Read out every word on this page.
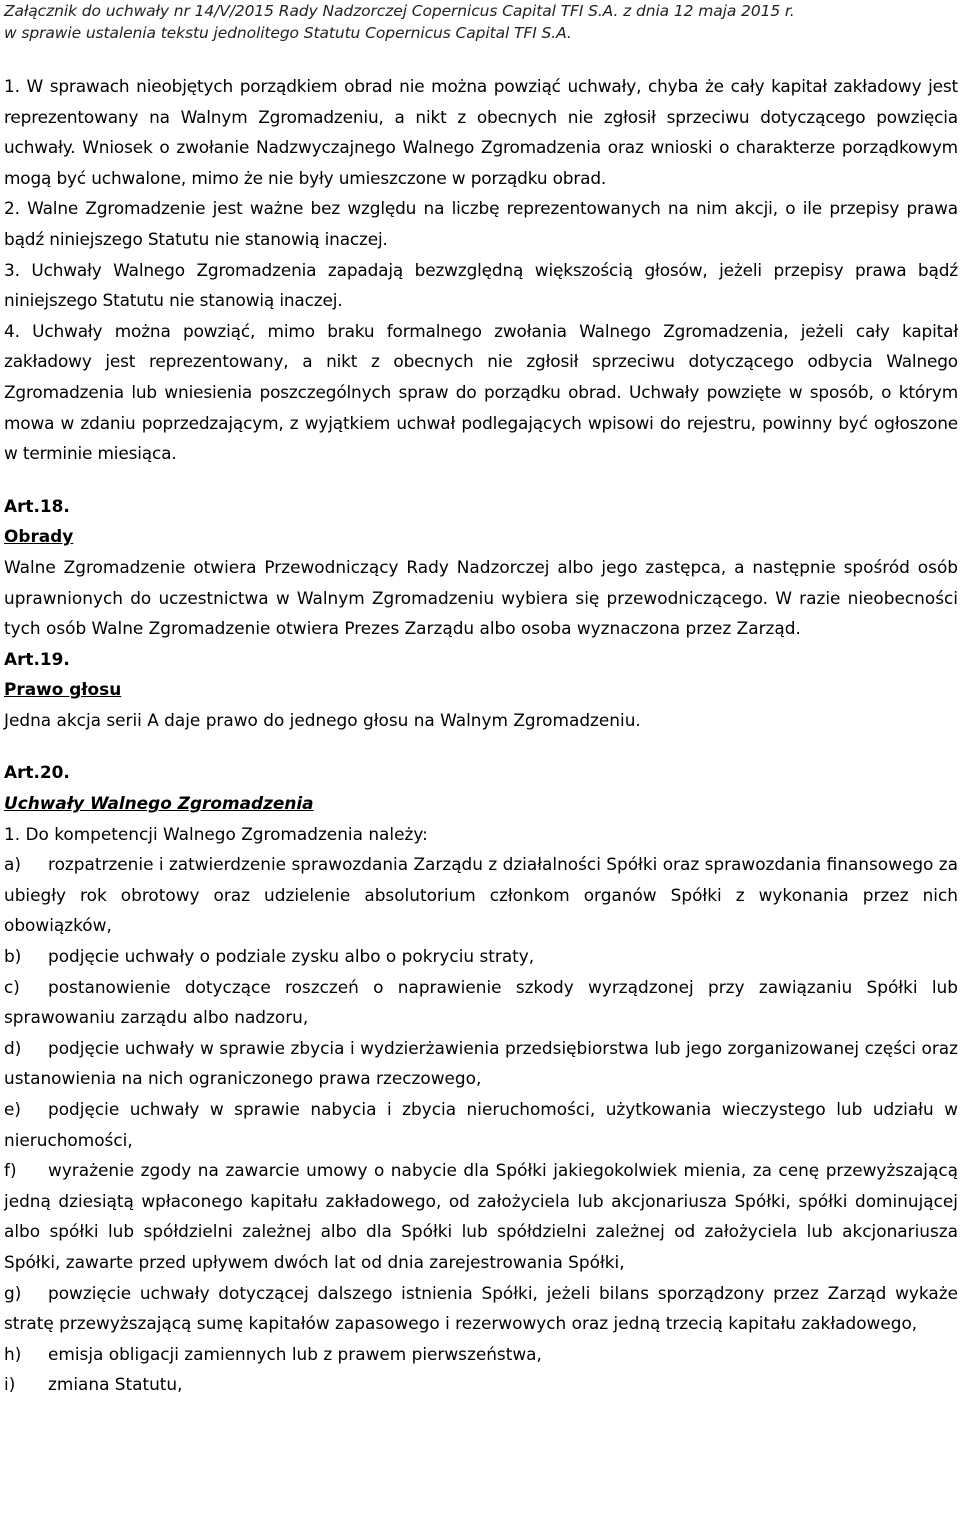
Załącznik do uchwały nr 14/V/2015 Rady Nadzorczej Copernicus Capital TFI S.A. z dnia 12 maja 2015 r.
w sprawie ustalenia tekstu jednolitego Statutu Copernicus Capital TFI S.A.

1. W sprawach nieobjętych porządkiem obrad nie można powziąć uchwały, chyba że cały kapitał zakładowy jest reprezentowany na Walnym Zgromadzeniu, a nikt z obecnych nie zgłosił sprzeciwu dotyczącego powzięcia uchwały. Wniosek o zwołanie Nadzwyczajnego Walnego Zgromadzenia oraz wnioski o charakterze porządkowym mogą być uchwalone, mimo że nie były umieszczone w porządku obrad.

2. Walne Zgromadzenie jest ważne bez względu na liczbę reprezentowanych na nim akcji, o ile przepisy prawa bądź niniejszego Statutu nie stanowią inaczej.

3. Uchwały Walnego Zgromadzenia zapadają bezwzględną większością głosów, jeżeli przepisy prawa bądź niniejszego Statutu nie stanowią inaczej.

4. Uchwały można powziąć, mimo braku formalnego zwołania Walnego Zgromadzenia, jeżeli cały kapitał zakładowy jest reprezentowany, a nikt z obecnych nie zgłosił sprzeciwu dotyczącego odbycia Walnego Zgromadzenia lub wniesienia poszczególnych spraw do porządku obrad. Uchwały powzięte w sposób, o którym mowa w zdaniu poprzedzającym, z wyjątkiem uchwał podlegających wpisowi do rejestru, powinny być ogłoszone w terminie miesiąca.

Art.18.

Obrady

Walne Zgromadzenie otwiera Przewodniczący Rady Nadzorczej albo jego zastępca, a następnie spośród osób uprawnionych do uczestnictwa w Walnym Zgromadzeniu wybiera się przewodniczącego. W razie nieobecności tych osób Walne Zgromadzenie otwiera Prezes Zarządu albo osoba wyznaczona przez Zarząd.

Art.19.

Prawo głosu

Jedna akcja serii A daje prawo do jednego głosu na Walnym Zgromadzeniu.

Art.20.

Uchwały Walnego Zgromadzenia

1. Do kompetencji Walnego Zgromadzenia należy:

a) rozpatrzenie i zatwierdzenie sprawozdania Zarządu z działalności Spółki oraz sprawozdania finansowego za ubiegły rok obrotowy oraz udzielenie absolutorium członkom organów Spółki z wykonania przez nich obowiązków,

b) podjęcie uchwały o podziale zysku albo o pokryciu straty,

c) postanowienie dotyczące roszczeń o naprawienie szkody wyrządzonej przy zawiązaniu Spółki lub sprawowaniu zarządu albo nadzoru,

d) podjęcie uchwały w sprawie zbycia i wydzierżawienia przedsiębiorstwa lub jego zorganizowanej części oraz ustanowienia na nich ograniczonego prawa rzeczowego,

e) podjęcie uchwały w sprawie nabycia i zbycia nieruchomości, użytkowania wieczystego lub udziału w nieruchomości,

f) wyrażenie zgody na zawarcie umowy o nabycie dla Spółki jakiegokolwiek mienia, za cenę przewyższającą jedną dziesiątą wpłaconego kapitału zakładowego, od założyciela lub akcjonariusza Spółki, spółki dominującej albo spółki lub spółdzielni zależnej albo dla Spółki lub spółdzielni zależnej od założyciela lub akcjonariusza Spółki, zawarte przed upływem dwóch lat od dnia zarejestrowania Spółki,

g) powzięcie uchwały dotyczącej dalszego istnienia Spółki, jeżeli bilans sporządzony przez Zarząd wykaże stratę przewyższającą sumę kapitałów zapasowego i rezerwowych oraz jedną trzecią kapitału zakładowego,

h) emisja obligacji zamiennych lub z prawem pierwszeństwa,

i) zmiana Statutu,
